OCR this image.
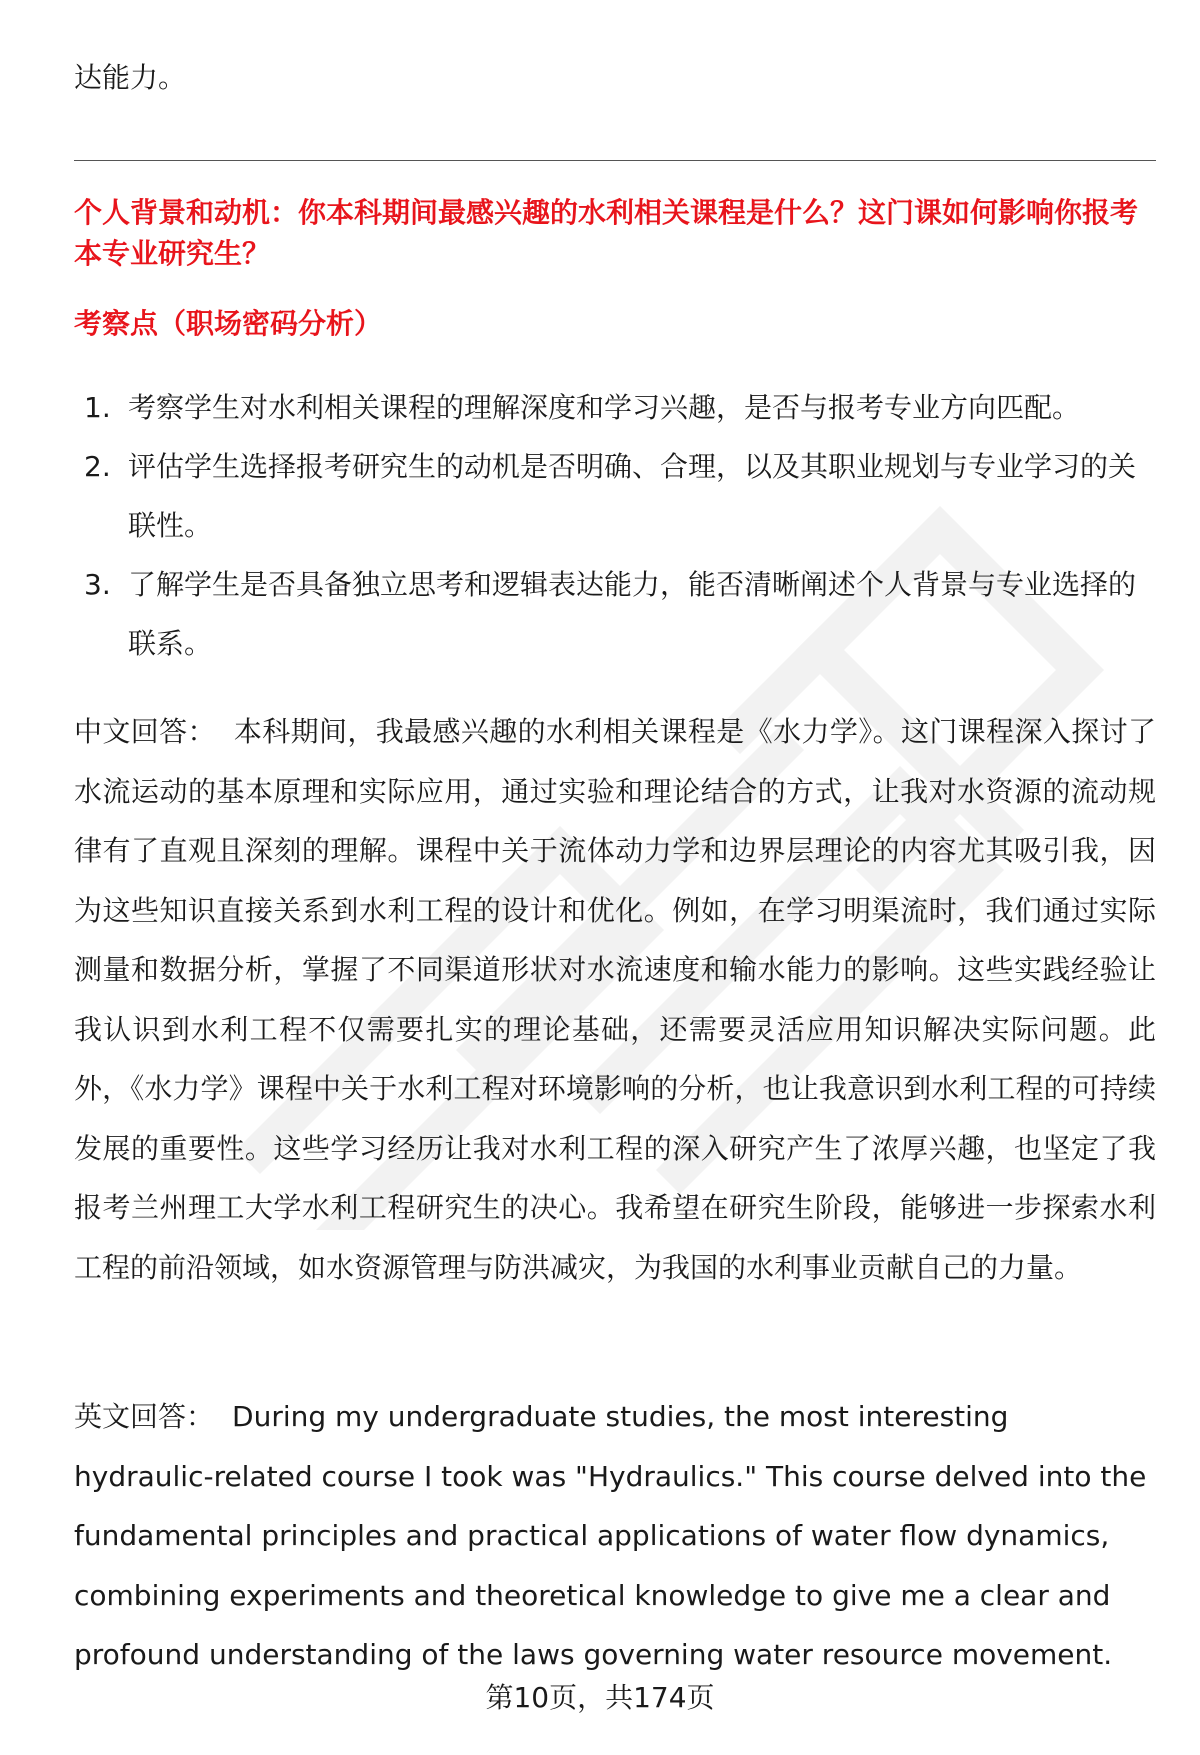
达能力。

个人背景和动机：你本科期间最感兴趣的水利相关课程是什么？这门课如何影响你报考本专业研究生？
考察点（职场密码分析）
1. 考察学生对水利相关课程的理解深度和学习兴趣，是否与报考专业方向匹配。
2. 评估学生选择报考研究生的动机是否明确、合理，以及其职业规划与专业学习的关联性。
3. 了解学生是否具备独立思考和逻辑表达能力，能否清晰阐述个人背景与专业选择的联系。

中文回答： 本科期间，我最感兴趣的水利相关课程是《水力学》。这门课程深入探讨了水流运动的基本原理和实际应用，通过实验和理论结合的方式，让我对水资源的流动规律有了直观且深刻的理解。课程中关于流体动力学和边界层理论的内容尤其吸引我，因为这些知识直接关系到水利工程的设计和优化。例如，在学习明渠流时，我们通过实际测量和数据分析，掌握了不同渠道形状对水流速度和输水能力的影响。这些实践经验让我认识到水利工程不仅需要扎实的理论基础，还需要灵活应用知识解决实际问题。此外，《水力学》课程中关于水利工程对环境影响的分析，也让我意识到水利工程的可持续发展的重要性。这些学习经历让我对水利工程的深入研究产生了浓厚兴趣，也坚定了我报考兰州理工大学水利工程研究生的决心。我希望在研究生阶段，能够进一步探索水利工程的前沿领域，如水资源管理与防洪减灾，为我国的水利事业贡献自己的力量。

英文回答： During my undergraduate studies, the most interesting hydraulic-related course I took was "Hydraulics." This course delved into the fundamental principles and practical applications of water flow dynamics, combining experiments and theoretical knowledge to give me a clear and profound understanding of the laws governing water resource movement.

第10页，共174页
